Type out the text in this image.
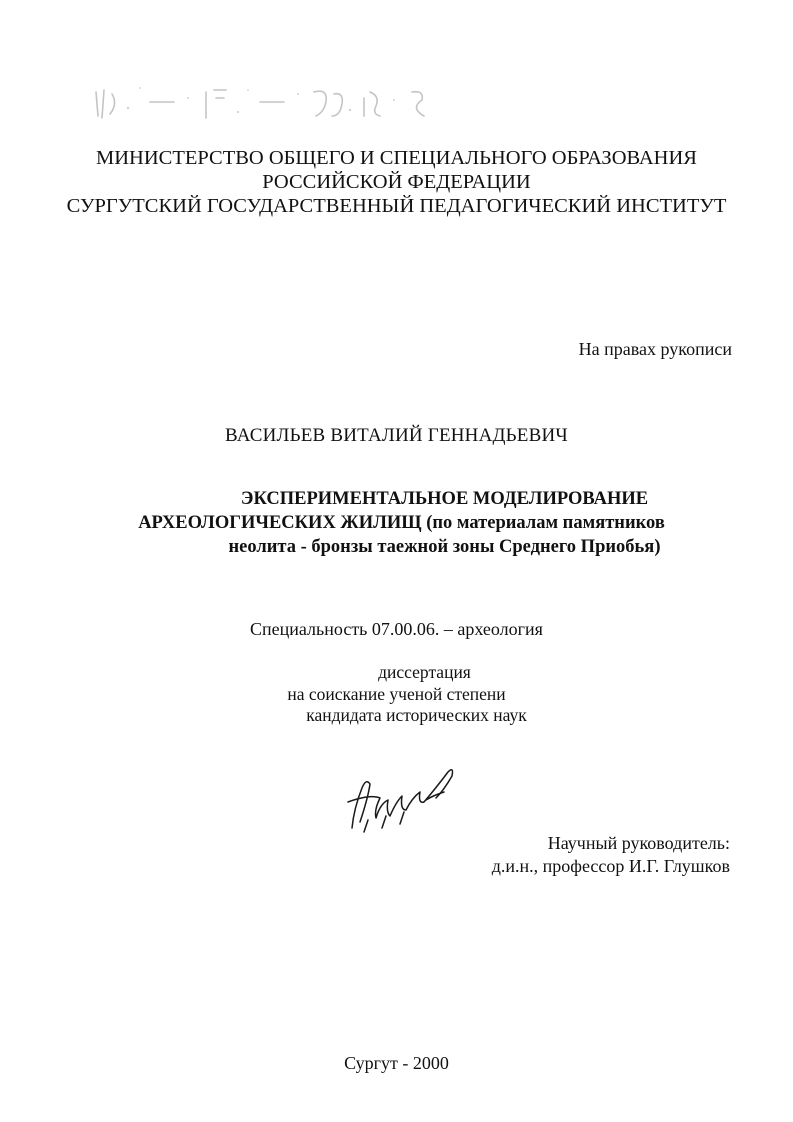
МИНИСТЕРСТВО ОБЩЕГО И СПЕЦИАЛЬНОГО ОБРАЗОВАНИЯ
РОССИЙСКОЙ ФЕДЕРАЦИИ
СУРГУТСКИЙ ГОСУДАРСТВЕННЫЙ ПЕДАГОГИЧЕСКИЙ ИНСТИТУТ
На правах рукописи
ВАСИЛЬЕВ ВИТАЛИЙ ГЕННАДЬЕВИЧ
ЭКСПЕРИМЕНТАЛЬНОЕ МОДЕЛИРОВАНИЕ
АРХЕОЛОГИЧЕСКИХ ЖИЛИЩ (по материалам памятников
неолита - бронзы таежной зоны Среднего Приобья)
Специальность 07.00.06. – археология
диссертация
на соискание ученой степени
кандидата исторических наук
Научный руководитель:
д.и.н., профессор И.Г. Глушков
Сургут - 2000
